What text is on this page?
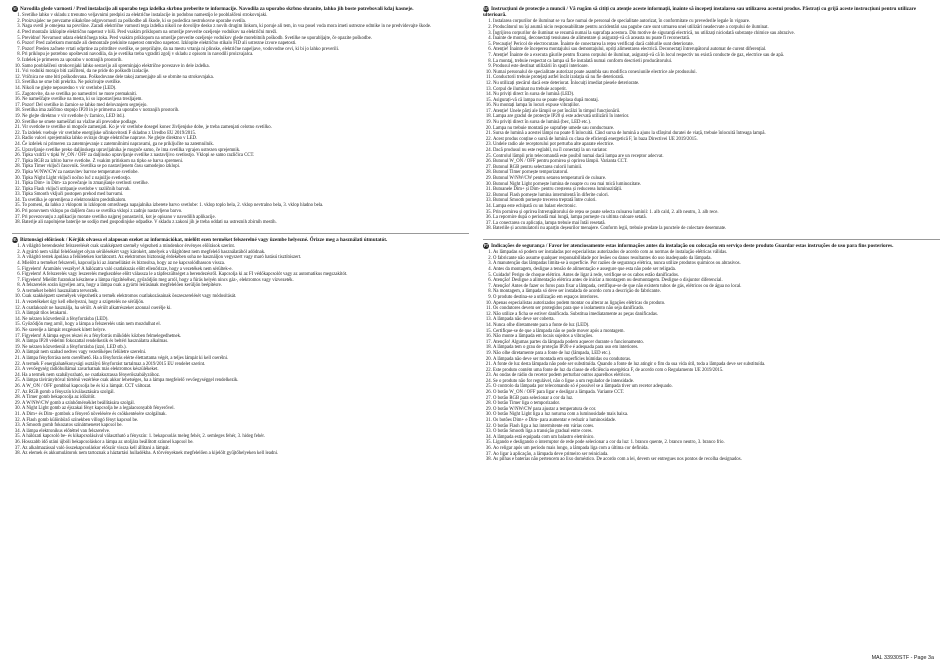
SI Navodila glede varnosti / Pred instalacijo ali uporabo tega izdelka skrbno preberite te informacije. Navodila za uporabo skrbno shranite, lahko jih boste potrebovali kdaj kasneje.
1. Svetilke lahko v skladu z trenutno veljavnimi predpisi za električne instalacije in podobno namestijo le pooblaščeni strokovnjaki.
2. Proizvajalec ne prevzame nikakršne odgovornosti za poškodbe ali škode, ki so posledica nestrokovne uporabe svetila.
3. Naga svetil je omejena na površine. Zaradi električne varnosti tega izdelka nikoli ne dovolijte desko z novih drugim linkom, ki poruje ali tem, in vsa posel voda mora imeti ustrezne odmike in ne predvidevajte škode.
4. Pred montažo izklopite električno napetost v hiši. Pred vsakim priklopom na omrežje preverite ozeljenje vodnikov na električni mreži.
5. Previdno! Nevarnost udara električnega toka. Pred vsakim priklopom na omrežje preverite ozeljenje vodnikov glede morebitnih poškodb. Svetilke ne uporabljajte, če opazite poškodbe.
6. Pozor! Pred začetkom montaže ali demontaže prekinite napetost omrežno napetost. Izklopite električno stikalo FID ali ustrezne izvore napetosti.
7. Pozor! Preden začnete vrtati odprtine za pritrditev svetilke, se prepričajte, da na mestu vrtanja ni plinske, električne napeljave, vodovodne cevi, ki bi jo lahko preverili.
8. Pri priklopu je potrebno upoštevati navodila, da je svetilka treba vgraditi zgolj v skladu z opisom in navodili proizvajalca.
9. Izdelek je primeren za uporabo v notranjih prostorih.
10. Samo pooblaščeni strokovnjaki lahko sestavijo ali spreminjajo električne povezave in dele izdelka.
11. Vsi vodniki morajo biti zaščiteni, da ne pride do poškodb izolacije.
12. Vtičnica ne sme biti poškodovana. Poškodovane dele takoj zamenjajte ali se obrnite na strokovnjaka.
13. Svetilka ne sme biti prekrita. Ne pokrivajte svetilke.
14. Nikoli ne glejte neposredno v vir svetlobe (LED).
15. Zagotovite, da se svetilka po namestitvi ne more premakniti.
16. Ne nameščajte svetilke na mesta, ki so izpostavljena tresljajem.
17. Pozor! Del svetilke in žarnice se lahko med delovanjem segrejejo.
18. Svetilka ima zaščitno stopnjo IP20 in je primerna za uporabo v notranjih prostorih.
19. Ne glejte direktno v vir svetlobe (v žarnico, LED itd.).
20. Svetilke ne smete nameščati na vlažne ali prevodne podlage.
21. Vir svetlobe te svetilke ni mogoče zamenjati. Ko je vir svetlobe dosegel konec življenjske dobe, je treba zamenjati celotno svetilko.
22. Ta izdelek vsebuje vir svetlobe energijske učinkovitosti F skladno z Uredbo EU 2019/2015.
23. Radio valovi sprejemnika lahko ovirajo druge električne naprave. Ne glejte direktno v LED.
24. Če izdelek ni primeren za zatemnjevanje z zatemnilnimi napravami, ga ne priključite na zatemnilnik.
25. Upravljanje svetilke preko daljinskega upravljalnika je mogoče samo, če ima svetilka vgrajen ustrezen sprejemnik.
26. Tipka vzdrži v tipki W_ON / OFF za daljinsko upravljanje svetilke z nastavljivo svetlostjo. Vklopi se samo različica CCT.
27. Tipka RGB za izbiro barve svetlobe. Z vsakim pritiskom na tipko se barva spremeni.
28. Tipka Timer vključi časovnik. Svetilka se po nastavljenem času samodejno izklopi.
29. Tipka W/NW/CW za nastavitev barvne temperature svetlobe.
30. Tipka Night Light vključi nočno luč z najnižjo svetlostjo.
31. Tipka Dim+ in Dim- za povečanje in zmanjšanje svetlosti svetilke.
32. Tipka Flash vključi utripanje svetlobe v različnih barvah.
33. Tipka Smooth vključi postopen prehod med barvami.
34. Ta svetilka je opremljena z elektronskim predstikalom.
35. To pomeni, da lahko z vklopom in izklopom omrežnega napajalnika izberete barvo svetlobe: 1. vklop toplo bela, 2. vklop nevtralno bela, 3. vklop hladno bela.
36. Pri ponovnem vklopu po daljšem času se svetilka vklopi z zadnjo nastavljeno barvo.
37. Pri povezovanju z aplikacijo morate svetilko najprej ponastaviti, kot je opisano v navodilih aplikacije.
38. Baterije ali napolnjene baterije ne sodijo med gospodinjske odpadke. V skladu z zakoni jih je treba oddati na ustreznih zbirnih mestih.
HU Biztonsági előírások / Kérjük olvassa el alaposan ezeket az információkat, mielőtt ezen terméket felszerelné vagy üzembe helyezné. Őrizze meg a használati útmutatót.
1. A világító berendezést felszerelését csak szakképzett személy végezheti a mindenkor érvényes előírások szerint.
2. A gyártó nem vállal felelősséget olyan sérülésekért vagy károkért, amelyek a világítótest nem megfelelő használatából adódnak.
3. A világító testek ápolása a felületeken korlátozott. Az elektromos biztonság érdekében soha ne használjon vegyszert vagy maró hatású tisztítószert.
4. Mielőtt a terméket felszereli, kapcsolja ki az áramellátást és biztosítsa, hogy az ne kapcsolódhasson vissza.
5. Figyelem! Áramütés veszélye! A hálózatra való csatlakozás előtt ellenőrizze, hogy a vezetékek nem sérültek-e.
6. Figyelem! A felszerelés vagy leszerelés megkezdése előtt válassza le a tápfeszültséget a berendezésről. Kapcsolja ki az FI védőkapcsolót vagy az automatikus megszakítót.
7. Figyelem! Mielőtt furatokat készítene a lámpa rögzítéséhez, győződjön meg arról, hogy a fúrás helyén nincs gáz-, elektromos vagy vízvezeték.
8. A felszerelés során ügyeljen arra, hogy a lámpa csak a gyártó leírásának megfelelően kerüljön beépítésre.
9. A terméket beltéri használatra tervezték.
10. Csak szakképzett személyek végezhetik a termék elektromos csatlakozásainak összeszerelését vagy módosítását.
11. A vezetékeket úgy kell elhelyezni, hogy a szigetelés ne sérüljön.
12. A csatlakozót ne használja, ha sérült. A sérült alkatrészeket azonnal cserélje ki.
13. A lámpát tilos letakarni.
14. Ne nézzen közvetlenül a fényforrásba (LED).
15. Győződjön meg arról, hogy a lámpa a felszerelés után nem mozdulhat el.
16. Ne szerelje a lámpát rezgésnek kitett helyre.
17. Figyelem! A lámpa egyes részei és a fényforrás működés közben felmelegedhetnek.
18. A lámpa IP20 védelmi fokozattal rendelkezik és beltéri használatra alkalmas.
19. Ne nézzen közvetlenül a fényforrásba (izzó, LED stb.).
20. A lámpát nem szabad nedves vagy vezetőképes felületre szerelni.
21. A lámpa fényforrása nem cserélhető. Ha a fényforrás elérte élettartama végét, a teljes lámpát ki kell cserélni.
22. A termék F energiahatékonysági osztályú fényforrást tartalmaz a 2019/2015 EU rendelet szerint.
23. A vevőegység rádióhullámai zavarhatnak más elektromos készülékeket.
24. Ha a termék nem szabályozható, ne csatlakoztassa fényerőszabályzóhoz.
25. A lámpa távirányítóval történő vezérlése csak akkor lehetséges, ha a lámpa megfelelő vevőegységgel rendelkezik.
26. A W_ON / OFF gombbal kapcsolja be és ki a lámpát. CCT változat.
27. Az RGB gomb a fényszín kiválasztására szolgál.
28. A Timer gomb bekapcsolja az időzítőt.
29. A W/NW/CW gomb a színhőmérséklet beállítására szolgál.
30. A Night Light gomb az éjszakai fényt kapcsolja be a legalacsonyabb fényerővel.
31. A Dim+ és Dim- gombok a fényerő növelésére és csökkentésére szolgálnak.
32. A Flash gomb különböző színekben villogó fényt kapcsol be.
33. A Smooth gomb fokozatos színátmenetet kapcsol be.
34. A lámpa elektronikus előtéttel van felszerelve.
35. A hálózati kapcsoló be- és kikapcsolásával választható a fényszín: 1. bekapcsolás meleg fehér, 2. semleges fehér, 3. hideg fehér.
36. Hosszabb idő utáni újbóli bekapcsoláskor a lámpa az utoljára beállított színnel kapcsol be.
37. Az alkalmazással való összekapcsoláskor először vissza kell állítani a lámpát.
38. Az elemek és akkumulátorok nem tartoznak a háztartási hulladékba. A törvényeknek megfelelően a kijelölt gyűjtőhelyeken kell leadni.
RO Instrucțiuni de protecție a muncii / Vă rugăm să citiți cu atenție aceste informații, înainte să începeți instalarea sau utilizarea acestui produs. Păstrați cu grijă aceste instrucțiuni pentru utilizare ulterioară.
1. Instalarea corpurilor de iluminat se va face numai de personal de specialitate autorizat, în conformitate cu prevederile legale în vigoare.
2. Producătorul nu își asumă nicio responsabilitate pentru accidentări sau pagube care sunt urmarea unei utilizări neadecvate a corpului de iluminat.
3. Îngrijirea corpurilor de iluminat se rezumă numai la suprafața acestora. Din motive de siguranță electrică, nu utilizați niciodată substanțe chimice sau abrazive.
4. Înainte de montaj, deconectați tensiunea de alimentare și asigurați-vă că aceasta nu poate fi reconectată.
5. Precauție! Pericol de electrocutare. Înainte de conectarea la rețea verificați dacă cablurile sunt deteriorate.
6. Atenție! Înainte de începerea montajului sau demontajului, opriți alimentarea electrică. Deconectați întrerupătorul automat de curent diferențial.
7. Atenție! Înainte de a executa găurile pentru fixarea corpului de iluminat, asigurați-vă că în locul respectiv nu există conducte de gaz, electrice sau de apă.
8. La montaj, trebuie respectat ca lampa să fie instalată numai conform descrierii producătorului.
9. Produsul este destinat utilizării în spații interioare.
10. Numai personalul de specialitate autorizat poate asambla sau modifica conexiunile electrice ale produsului.
11. Conductorii trebuie protejați astfel încât izolația să nu fie deteriorată.
12. Nu utilizați ștecărul dacă este deteriorat. Înlocuiți imediat piesele deteriorate.
13. Corpul de iluminat nu trebuie acoperit.
14. Nu priviți direct în sursa de lumină (LED).
15. Asigurați-vă că lampa nu se poate deplasa după montaj.
16. Nu montați lampa în locuri expuse vibrațiilor.
17. Atenție! Unele părți ale lămpii se pot încălzi în timpul funcționării.
18. Lampa are gradul de protecție IP20 și este adecvată utilizării în interior.
19. Nu priviți direct în sursa de lumină (bec, LED etc.).
20. Lampa nu trebuie montată pe suprafețe umede sau conductoare.
21. Sursa de lumină a acestei lămpi nu poate fi înlocuită. Când sursa de lumină a ajuns la sfârșitul duratei de viață, trebuie înlocuită întreaga lampă.
22. Acest produs conține o sursă de lumină cu clasa de eficiență energetică F, în baza Directivei UE 2019/2015.
23. Undele radio ale receptorului pot perturba alte aparate electrice.
24. Dacă produsul nu este reglabil, nu îl conectați la un variator.
25. Controlul lămpii prin telecomandă este posibil numai dacă lampa are un receptor adecvat.
26. Butonul W_ON / OFF pentru pornirea și oprirea lămpii. Varianta CCT.
27. Butonul RGB pentru selectarea culorii luminii.
28. Butonul Timer pornește temporizatorul.
29. Butonul W/NW/CW pentru setarea temperaturii de culoare.
30. Butonul Night Light pornește lumina de noapte cu cea mai mică luminozitate.
31. Butoanele Dim+ și Dim- pentru creșterea și reducerea luminozității.
32. Butonul Flash pornește lumina intermitentă în diferite culori.
33. Butonul Smooth pornește trecerea treptată între culori.
34. Lampa este echipată cu un balast electronic.
35. Prin pornirea și oprirea întrerupătorului de rețea se poate selecta culoarea luminii: 1. alb cald, 2. alb neutru, 3. alb rece.
36. La repornire după o perioadă mai lungă, lampa pornește cu ultima culoare setată.
37. La conectarea cu aplicația, lampa trebuie mai întâi resetată.
38. Bateriile și acumulatorii nu aparțin deșeurilor menajere. Conform legii, trebuie predate la punctele de colectare desemnate.
PT Indicações de segurança / Favor ler atenciosamente estas informações antes da instalação ou colocação em serviço deste produto Guardar estas instruções de uso para fins posteriores.
1. As lâmpadas só podem ser instaladas por especialistas autorizados de acordo com as normas de instalação elétricas válidas.
2. O fabricante não assume qualquer responsabilidade por lesões ou danos resultantes do uso inadequado da lâmpada.
3. A manutenção das lâmpadas limita-se à superfície. Por razões de segurança elétrica, nunca utilize produtos químicos ou abrasivos.
4. Antes da montagem, desligue a tensão de alimentação e assegure que esta não pode ser religada.
5. Cuidado! Perigo de choque elétrico. Antes de ligar à rede, verifique se os cabos estão danificados.
6. Atenção! Desligue a alimentação elétrica antes de iniciar a montagem ou desmontagem. Desligue o disjuntor diferencial.
7. Atenção! Antes de fazer os furos para fixar a lâmpada, certifique-se de que não existem tubos de gás, elétricos ou de água no local.
8. Na montagem, a lâmpada só deve ser instalada de acordo com a descrição do fabricante.
9. O produto destina-se a utilização em espaços interiores.
10. Apenas especialistas autorizados podem montar ou alterar as ligações elétricas do produto.
11. Os condutores devem ser protegidos para que o isolamento não seja danificado.
12. Não utilize a ficha se estiver danificada. Substitua imediatamente as peças danificadas.
13. A lâmpada não deve ser coberta.
14. Nunca olhe diretamente para a fonte de luz (LED).
15. Certifique-se de que a lâmpada não se pode mover após a montagem.
16. Não monte a lâmpada em locais sujeitos a vibrações.
17. Atenção! Algumas partes da lâmpada podem aquecer durante o funcionamento.
18. A lâmpada tem o grau de proteção IP20 e é adequada para uso em interiores.
19. Não olhe diretamente para a fonte de luz (lâmpada, LED etc.).
20. A lâmpada não deve ser montada em superfícies húmidas ou condutoras.
21. A fonte de luz desta lâmpada não pode ser substituída. Quando a fonte de luz atingir o fim da sua vida útil, toda a lâmpada deve ser substituída.
22. Este produto contém uma fonte de luz da classe de eficiência energética F, de acordo com o Regulamento UE 2019/2015.
23. As ondas de rádio do recetor podem perturbar outros aparelhos elétricos.
24. Se o produto não for regulável, não o ligue a um regulador de intensidade.
25. O controlo da lâmpada por telecomando só é possível se a lâmpada tiver um recetor adequado.
26. O botão W_ON / OFF para ligar e desligar a lâmpada. Variante CCT.
27. O botão RGB para selecionar a cor da luz.
28. O botão Timer liga o temporizador.
29. O botão W/NW/CW para ajustar a temperatura de cor.
30. O botão Night Light liga a luz noturna com a luminosidade mais baixa.
31. Os botões Dim+ e Dim- para aumentar e reduzir a luminosidade.
32. O botão Flash liga a luz intermitente em várias cores.
33. O botão Smooth liga a transição gradual entre cores.
34. A lâmpada está equipada com um balastro eletrónico.
35. Ligando e desligando o interruptor de rede pode selecionar a cor da luz: 1. branco quente, 2. branco neutro, 3. branco frio.
36. Ao religar após um período mais longo, a lâmpada liga com a última cor definida.
37. Ao ligar à aplicação, a lâmpada deve primeiro ser reiniciada.
38. As pilhas e baterias não pertencem ao lixo doméstico. De acordo com a lei, devem ser entregues nos pontos de recolha designados.
MAL 33930STF - Page 3a
